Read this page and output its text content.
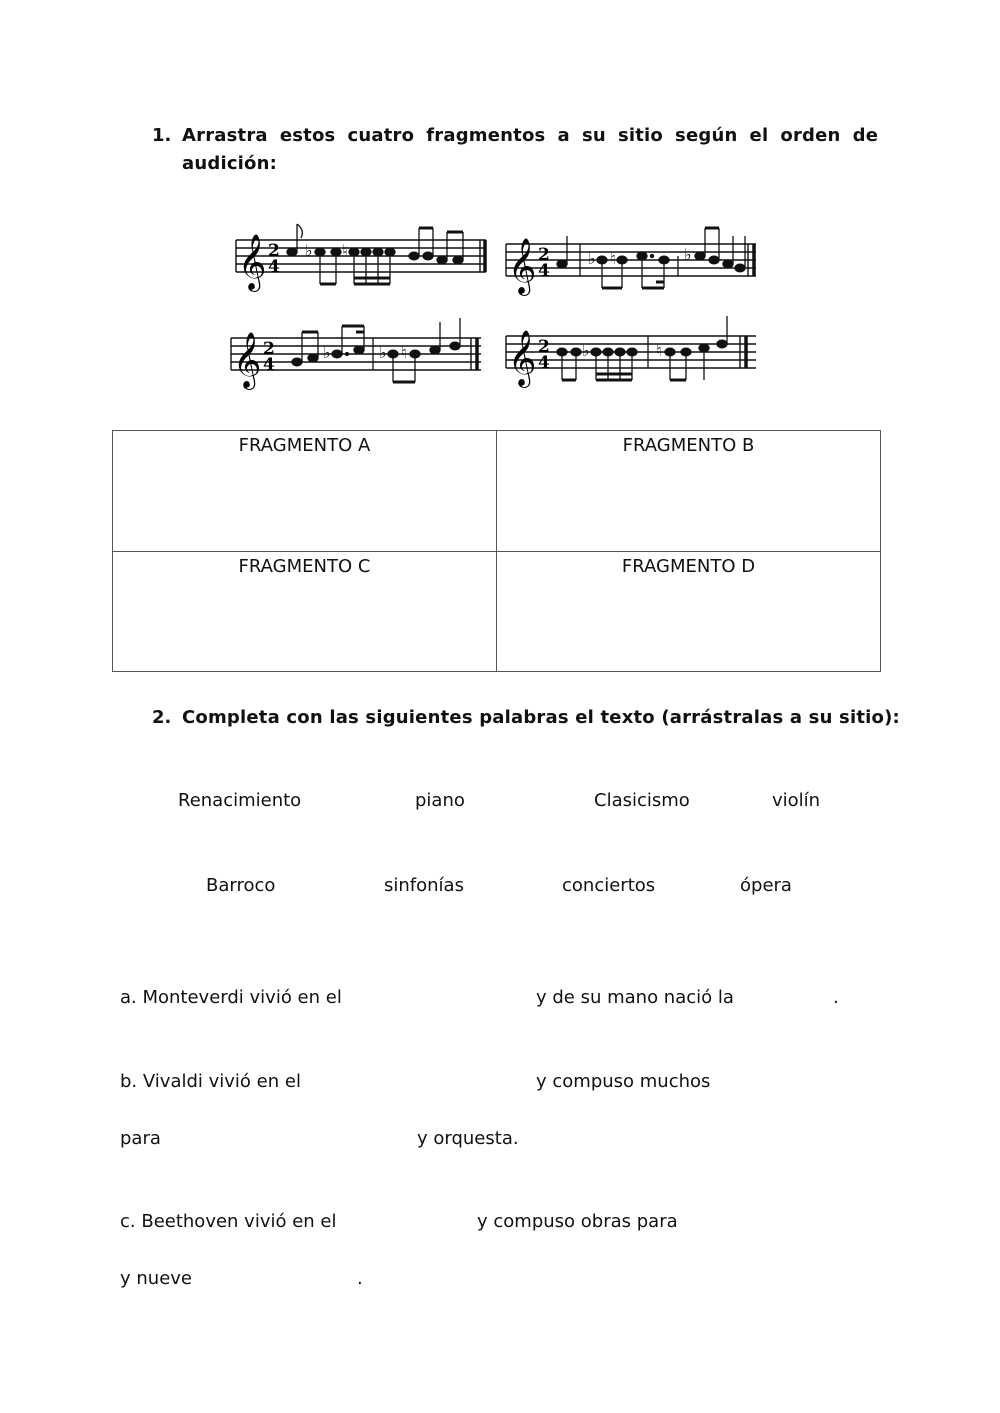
1. Arrastra estos cuatro fragmentos a su sitio según el orden de
audición:
𝄞 2
4
♭ ♮	𝄞 2
4
♭ ♮	♭
𝄞 2
4
♭	♭ ♮ 𝄞 2
4
♭	♮
FRAGMENTO A	FRAGMENTO B
FRAGMENTO C	FRAGMENTO D
2. Completa con las siguientes palabras el texto (arrástralas a su sitio):
Renacimiento	piano	Clasicismo	violín
Barroco	sinfonías	conciertos	ópera
a. Monteverdi vivió en el	y de su mano nació la	.
b. Vivaldi vivió en el	y compuso muchos
para	y orquesta.
c. Beethoven vivió en el	y compuso obras para
y nueve	.
